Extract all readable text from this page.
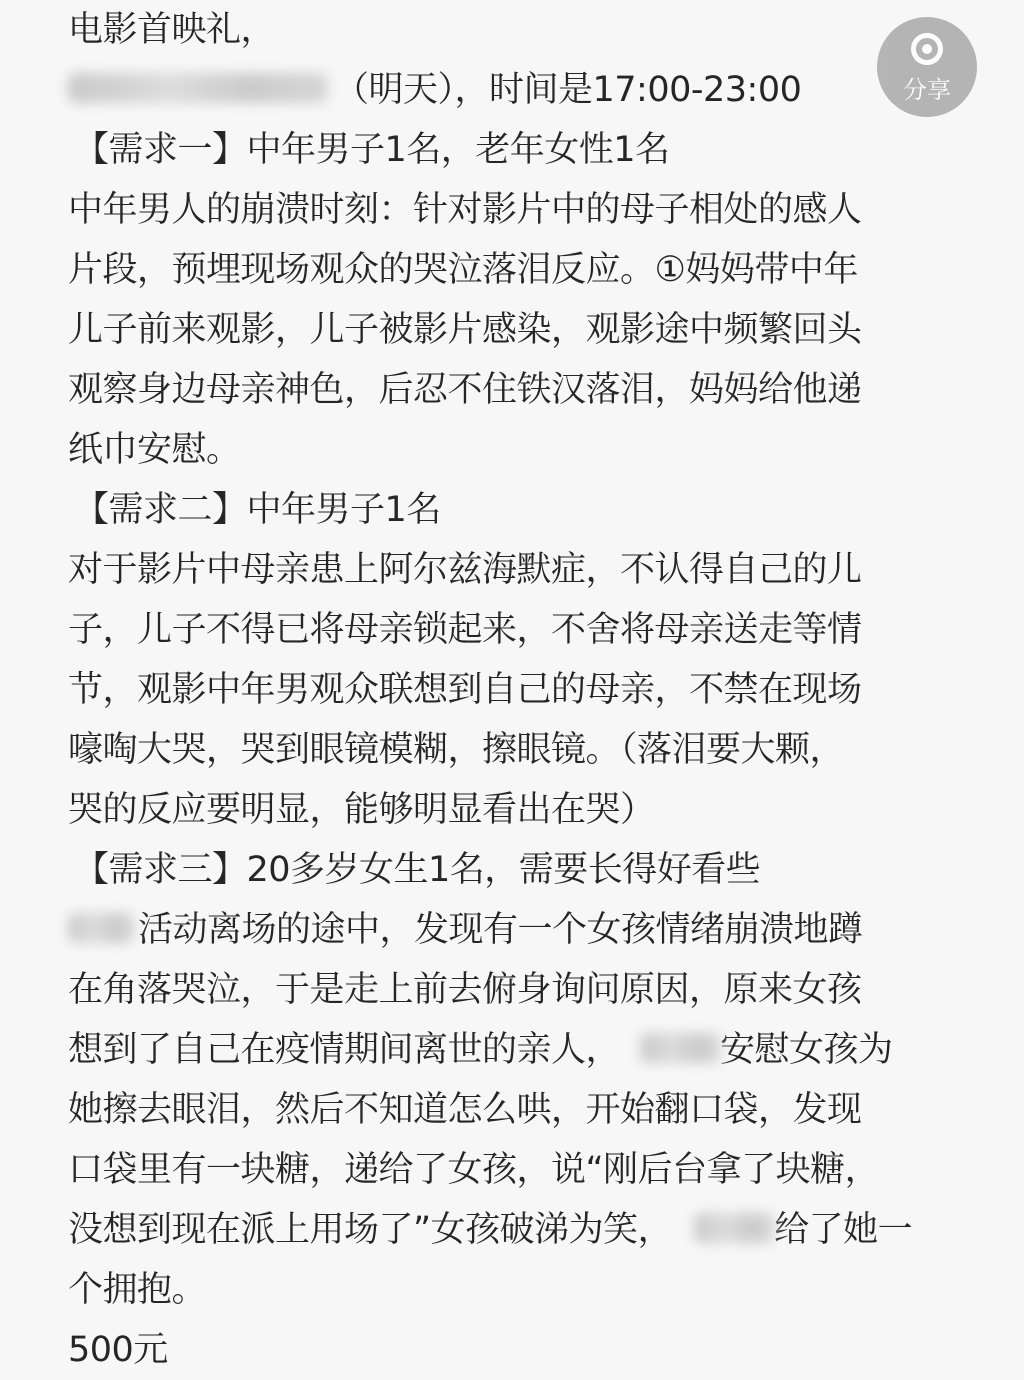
电影首映礼，
（明天），时间是17:00-23:00
【需求一】中年男子1名，老年女性1名
中年男人的崩溃时刻：针对影片中的母子相处的感人
片段，预埋现场观众的哭泣落泪反应。①妈妈带中年
儿子前来观影，儿子被影片感染，观影途中频繁回头
观察身边母亲神色，后忍不住铁汉落泪，妈妈给他递
纸巾安慰。
【需求二】中年男子1名
对于影片中母亲患上阿尔兹海默症，不认得自己的儿
子，儿子不得已将母亲锁起来，不舍将母亲送走等情
节，观影中年男观众联想到自己的母亲，不禁在现场
嚎啕大哭，哭到眼镜模糊，擦眼镜。（落泪要大颗，
哭的反应要明显，能够明显看出在哭）
【需求三】20多岁女生1名，需要长得好看些
活动离场的途中，发现有一个女孩情绪崩溃地蹲
在角落哭泣，于是走上前去俯身询问原因，原来女孩
想到了自己在疫情期间离世的亲人，	安慰女孩为
她擦去眼泪，然后不知道怎么哄，开始翻口袋，发现
口袋里有一块糖，递给了女孩，说“刚后台拿了块糖，
没想到现在派上用场了”女孩破涕为笑，	给了她一
个拥抱。
500元
分享
